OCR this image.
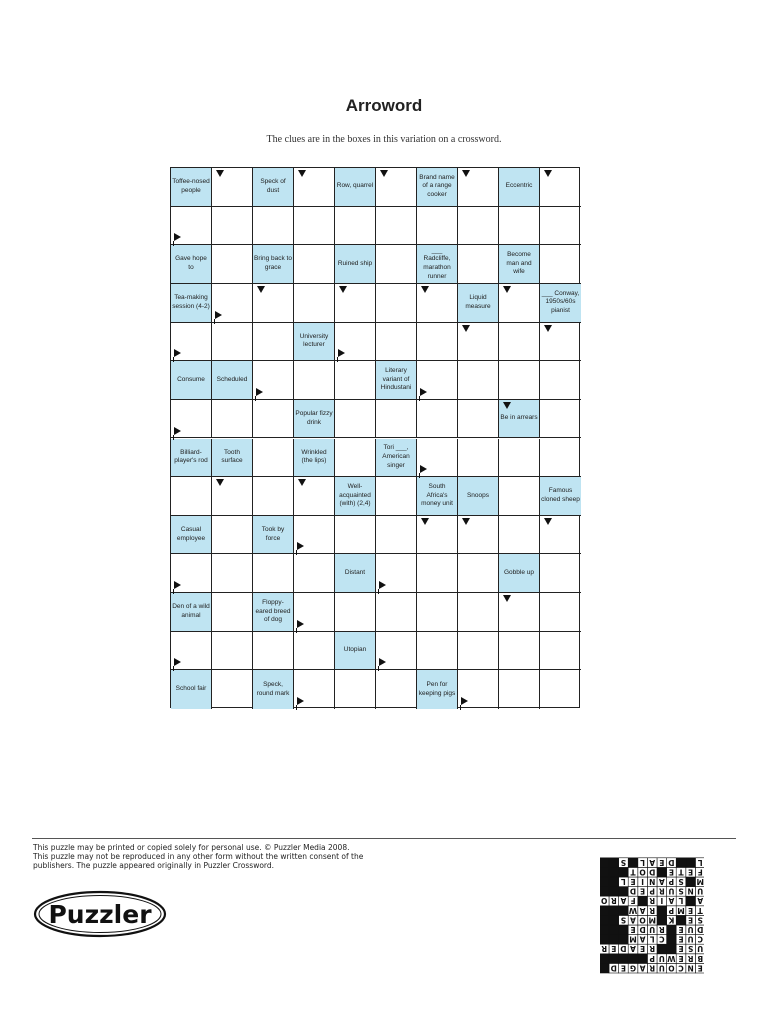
Arroword
The clues are in the boxes in this variation on a crossword.
Toffee-nosed people
Speck of dust
Row, quarrel
Brand name of a range cooker
Eccentric
Gave hope to
Bring back to grace
Ruined ship
___ Radcliffe, marathon runner
Become man and wife
Tea-making session (4-2)
Liquid measure
___ Conway, 1950s/60s pianist
University lecturer
Consume Scheduled
Literary variant of Hindustani
Popular fizzy drink
Be in arrears
Billiard-player's rod
Tooth surface
Wrinkled (the lips)
Tori ___, American singer
Well-acquainted (with) (2,4)
South Africa's money unit
Snoops
Famous cloned sheep
Casual employee
Took by force
Distant	Gobble up
Den of a wild animal
Floppy-eared breed of dog
Utopian
School fair
Speck, round mark
Pen for keeping pigs
This puzzle may be printed or copied solely for personal use. © Puzzler Media 2008.
This puzzle may not be reproduced in any other form without the written consent of the
publishers. The puzzle appeared originally in Puzzler Crossword.
Puzzler
E
N
C
O
U
R
A
G
E
D
B
R
E
W
U
P
U
S
E
R
E
A
D
E
R
C
U
E
C
L
A
M
D
U
E
R
U
D
E
S
E
K
M
O
A
S
T
E
M
P
R
A
W
A
L
A
I
R
F
A
R
O
U
N
S
U
R
P
E
D
M
S
P
A
N
I
E
L
F
E
T
E
D
O
T
L
D
E
A
L
S
